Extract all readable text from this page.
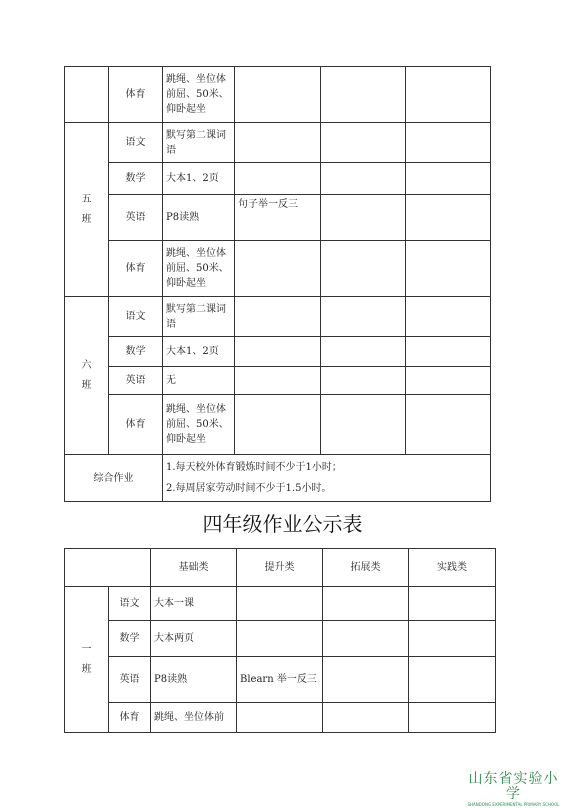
	体育	跳绳、坐位体前屈、50米、仰卧起坐			
五
班	语文	默写第二课词语			
	数学	大本1、2页			
	英语	P8读熟	句子举一反三		
	体育	跳绳、坐位体前屈、50米、仰卧起坐			
六
班	语文	默写第二课词语			
	数学	大本1、2页			
	英语	无			
	体育	跳绳、坐位体前屈、50米、仰卧起坐			
综合作业		1.每天校外体育锻炼时间不少于1小时；
2.每周居家劳动时间不少于1.5小时。			
四年级作业公示表
		基础类	提升类	拓展类	实践类
一
班	语文	大本一课			
	数学	大本两页			
	英语	P8读熟	Blearn 举一反三		
	体育	跳绳、坐位体前			
山东省实验小学
SHANDONG EXPERIMENTAL PRIMARY SCHOOL
